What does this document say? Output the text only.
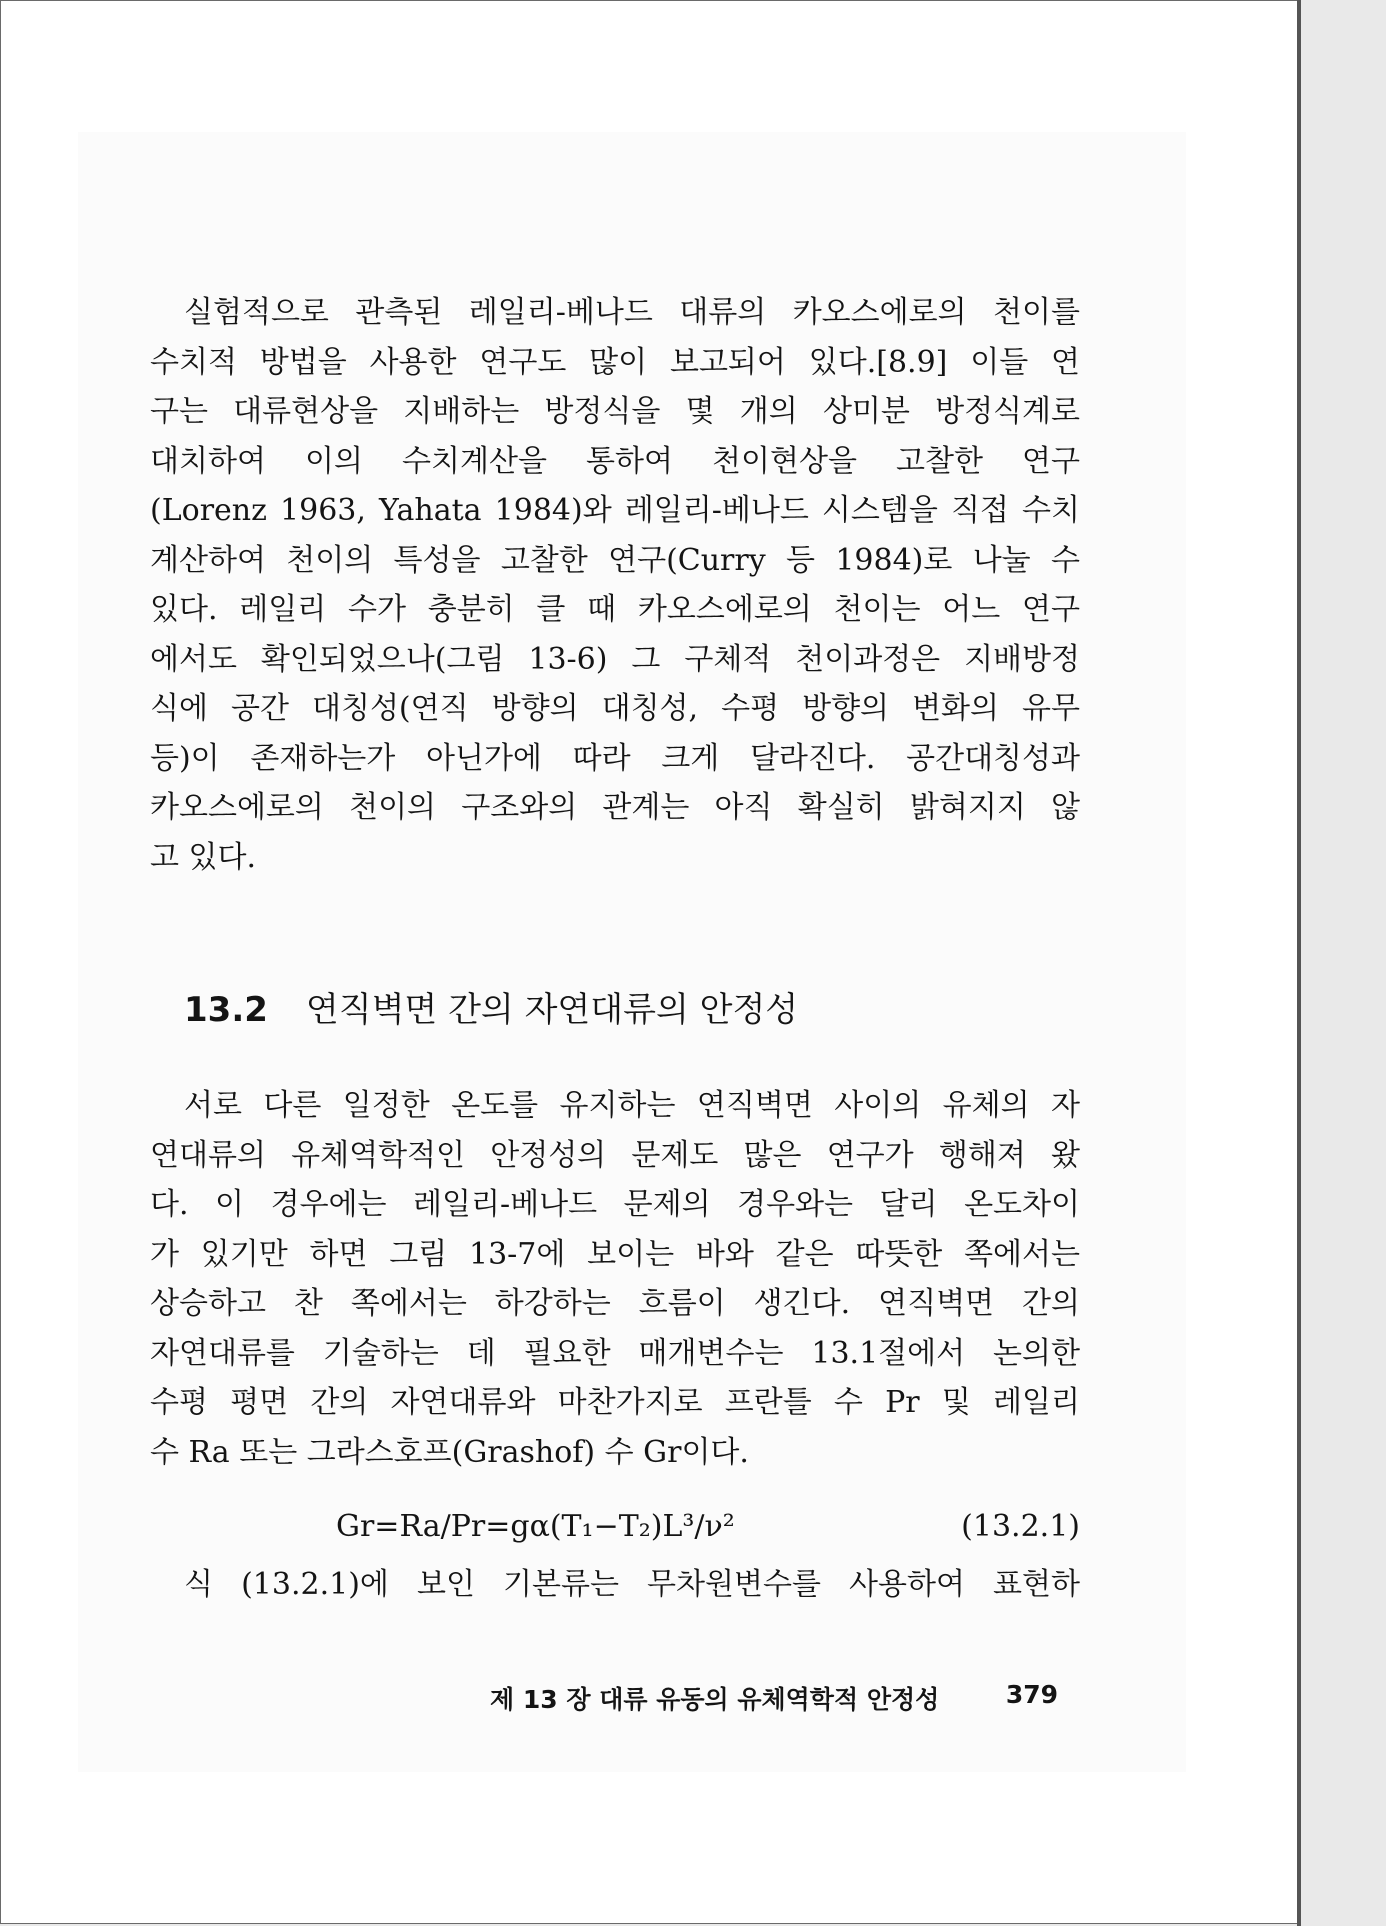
실험적으로 관측된 레일리-베나드 대류의 카오스에로의 천이를
수치적 방법을 사용한 연구도 많이 보고되어 있다.[8.9] 이들 연
구는 대류현상을 지배하는 방정식을 몇 개의 상미분 방정식계로
대치하여 이의 수치계산을 통하여 천이현상을 고찰한 연구
(Lorenz 1963, Yahata 1984)와 레일리-베나드 시스템을 직접 수치
계산하여 천이의 특성을 고찰한 연구(Curry 등 1984)로 나눌 수
있다. 레일리 수가 충분히 클 때 카오스에로의 천이는 어느 연구
에서도 확인되었으나(그림 13-6) 그 구체적 천이과정은 지배방정
식에 공간 대칭성(연직 방향의 대칭성, 수평 방향의 변화의 유무
등)이 존재하는가 아닌가에 따라 크게 달라진다. 공간대칭성과
카오스에로의 천이의 구조와의 관계는 아직 확실히 밝혀지지 않
고 있다.
13.2 연직벽면 간의 자연대류의 안정성
서로 다른 일정한 온도를 유지하는 연직벽면 사이의 유체의 자
연대류의 유체역학적인 안정성의 문제도 많은 연구가 행해져 왔
다. 이 경우에는 레일리-베나드 문제의 경우와는 달리 온도차이
가 있기만 하면 그림 13-7에 보이는 바와 같은 따뜻한 쪽에서는
상승하고 찬 쪽에서는 하강하는 흐름이 생긴다. 연직벽면 간의
자연대류를 기술하는 데 필요한 매개변수는 13.1절에서 논의한
수평 평면 간의 자연대류와 마찬가지로 프란틀 수 Pr 및 레일리
수 Ra 또는 그라스호프(Grashof) 수 Gr이다.
Gr=Ra/Pr=gα(T₁−T₂)L³/ν²	(13.2.1)
식 (13.2.1)에 보인 기본류는 무차원변수를 사용하여 표현하
제 13 장 대류 유동의 유체역학적 안정성	379
